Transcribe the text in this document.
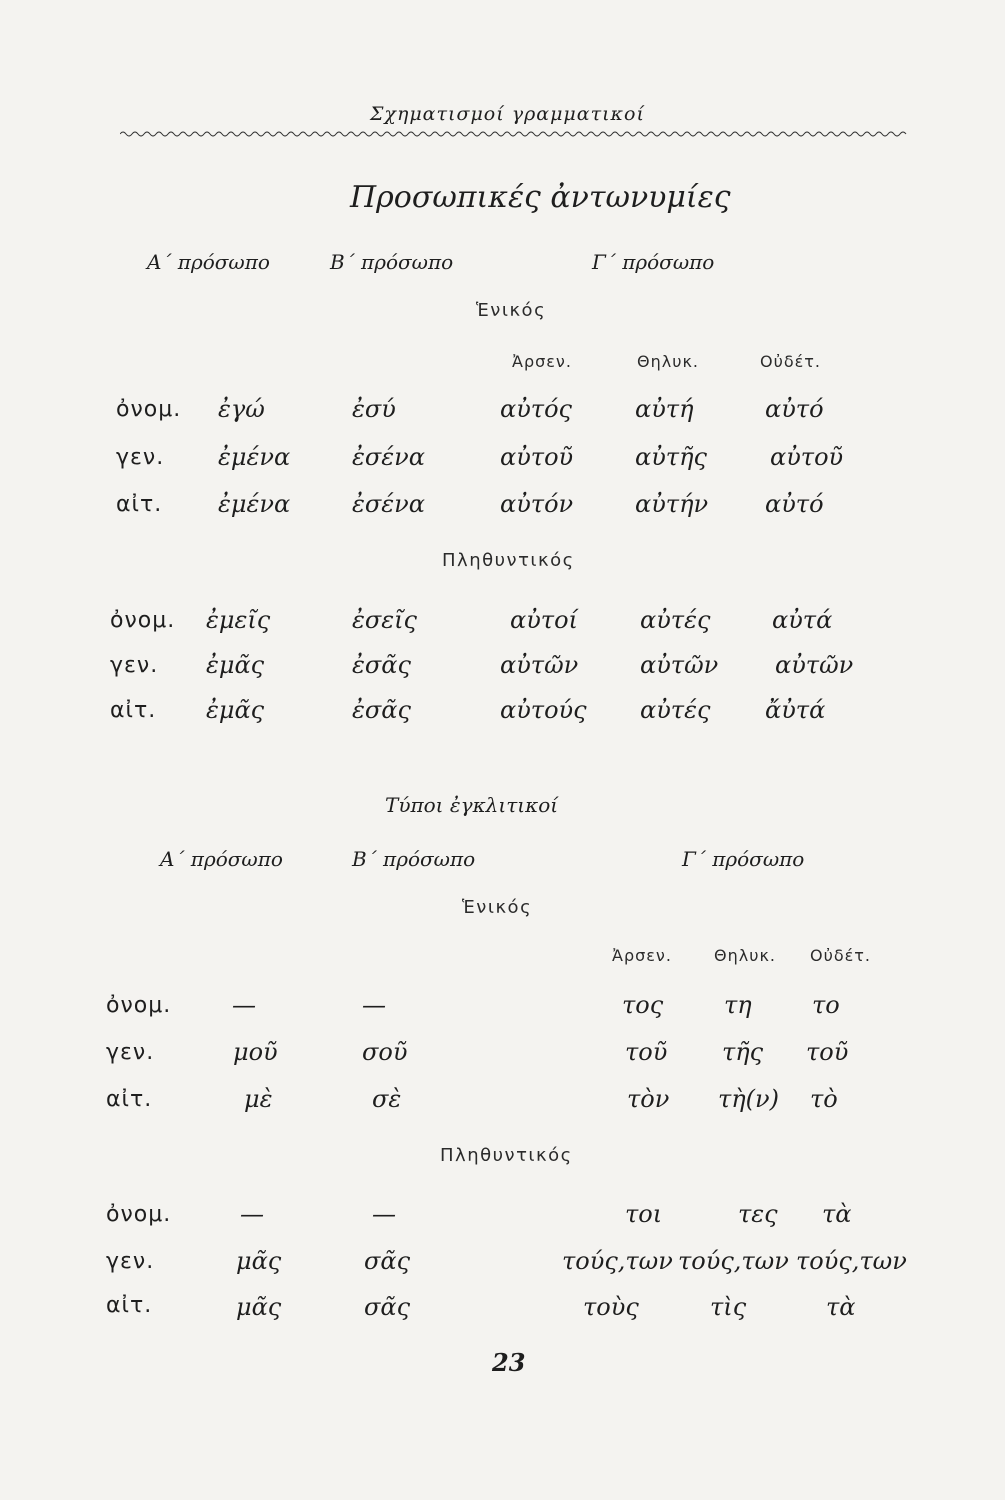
Σχηματισμοί γραμματικοί
Προσωπικές ἀντωνυμίες
Α΄ πρόσωπο	Β΄ πρόσωπο	Γ΄ πρόσωπο
Ἑνικός
Ἀρσεν.	Θηλυκ.	Οὐδέτ.
ὀνομ. ἐγώ	ἐσύ	αὐτός	αὐτή	αὐτό
γεν. ἐμένα	ἐσένα	αὐτοῦ	αὐτῆς	αὐτοῦ
αἰτ. ἐμένα	ἐσένα	αὐτόν	αὐτήν αὐτό
Πληθυντικός
ὀνομ. ἐμεῖς	ἐσεῖς	αὐτοί	αὐτές	αὐτά
γεν. ἐμᾶς	ἐσᾶς	αὐτῶν	αὐτῶν αὐτῶν
αἰτ. ἐμᾶς	ἐσᾶς	αὐτούς αὐτές ἄὐτά
Τύποι ἐγκλιτικοί
Α΄ πρόσωπο	Β΄ πρόσωπο	Γ΄ πρόσωπο
Ἑνικός
Ἀρσεν.	Θηλυκ. Οὐδέτ.
ὀνομ.	—	—	τος	τη	το
γεν.	μοῦ	σοῦ	τοῦ τῆς τοῦ
αἰτ.	μὲ	σὲ	τὸν τὴ(ν) τὸ
Πληθυντικός
ὀνομ.	—	—	τοι	τες τὰ
γεν.	μᾶς	σᾶς	τούς,των τούς,των τούς,των
αἰτ.	μᾶς	σᾶς	τοὺς	τὶς	τὰ
23
